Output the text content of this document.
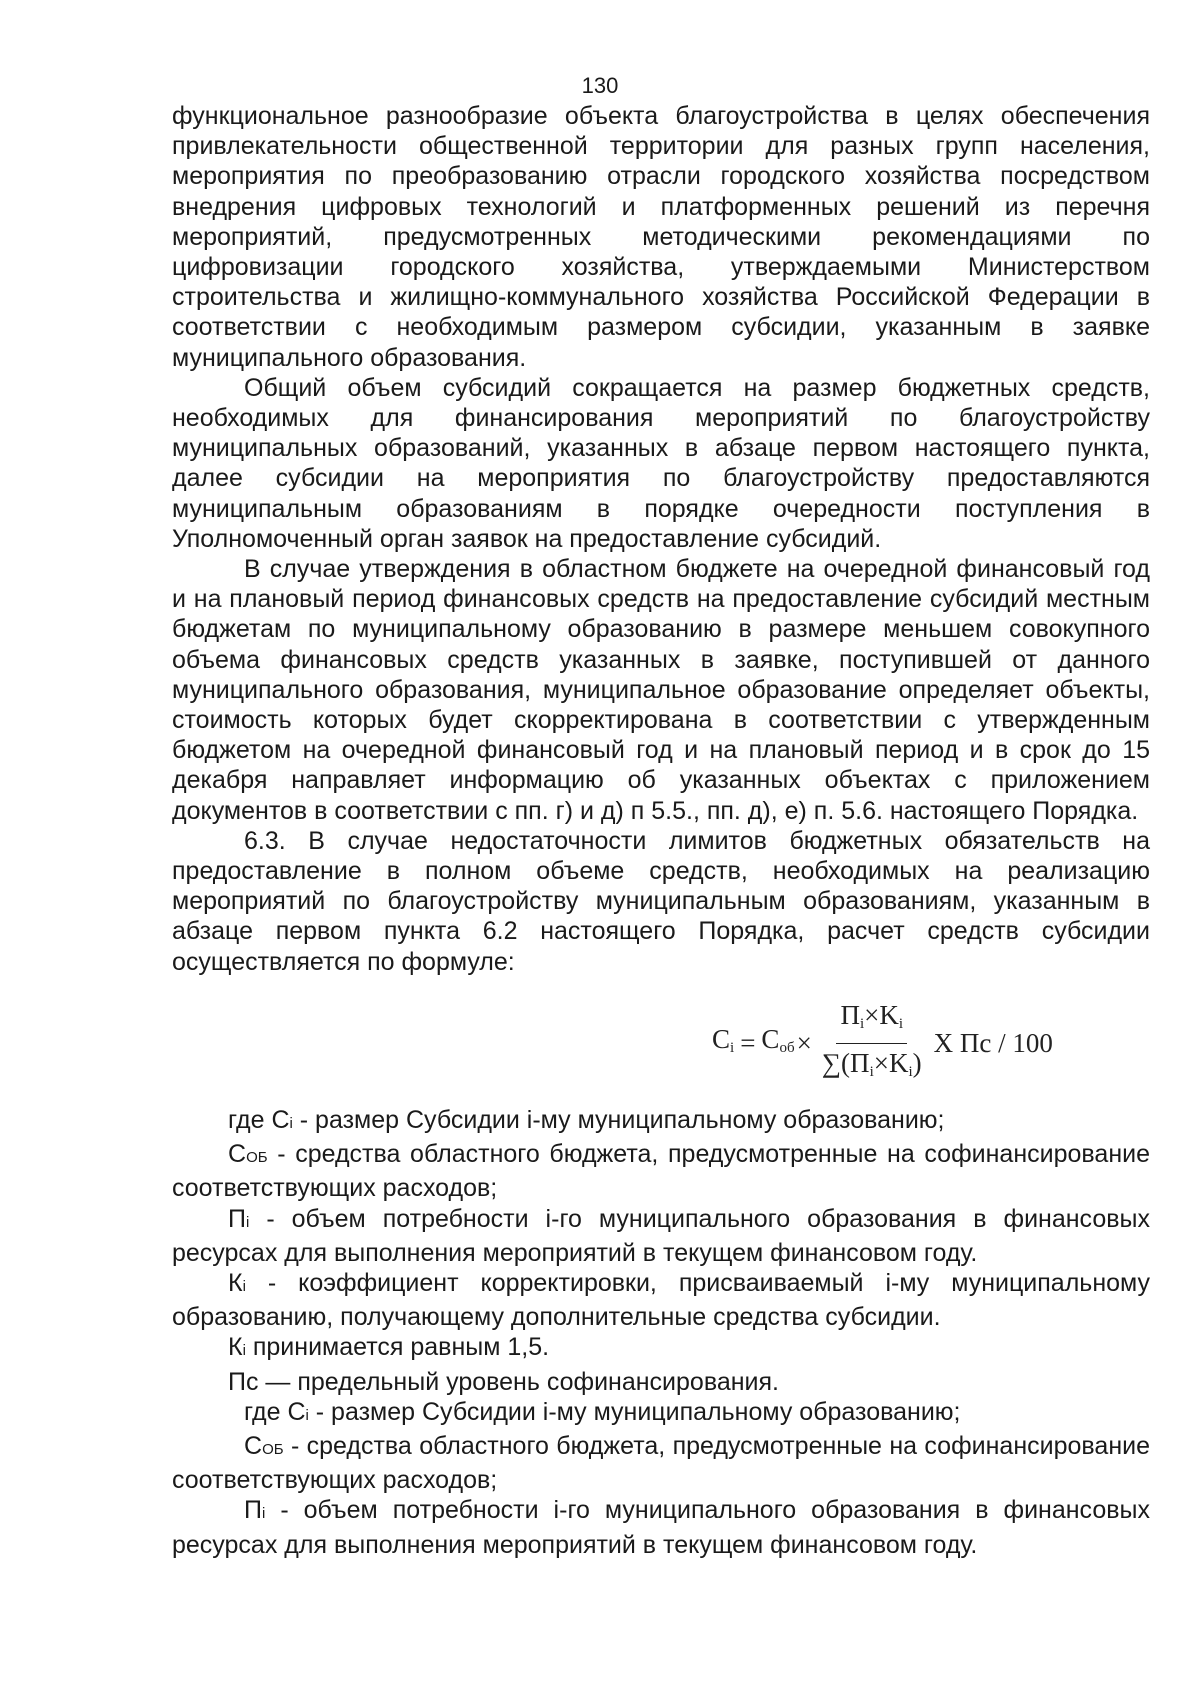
130

функциональное разнообразие объекта благоустройства в целях обеспечения привлекательности общественной территории для разных групп населения, мероприятия по преобразованию отрасли городского хозяйства посредством внедрения цифровых технологий и платформенных решений из перечня мероприятий, предусмотренных методическими рекомендациями по цифровизации городского хозяйства, утверждаемыми Министерством строительства и жилищно-коммунального хозяйства Российской Федерации в соответствии с необходимым размером субсидии, указанным в заявке муниципального образования.

Общий объем субсидий сокращается на размер бюджетных средств, необходимых для финансирования мероприятий по благоустройству муниципальных образований, указанных в абзаце первом настоящего пункта, далее субсидии на мероприятия по благоустройству предоставляются муниципальным образованиям в порядке очередности поступления в Уполномоченный орган заявок на предоставление субсидий.

В случае утверждения в областном бюджете на очередной финансовый год и на плановый период финансовых средств на предоставление субсидий местным бюджетам по муниципальному образованию в размере меньшем совокупного объема финансовых средств указанных в заявке, поступившей от данного муниципального образования, муниципальное образование определяет объекты, стоимость которых будет скорректирована в соответствии с утвержденным бюджетом на очередной финансовый год и на плановый период и в срок до 15 декабря направляет информацию об указанных объектах с приложением документов в соответствии с пп. г) и д) п 5.5., пп. д), е) п. 5.6. настоящего Порядка.

6.3. В случае недостаточности лимитов бюджетных обязательств на предоставление в полном объеме средств, необходимых на реализацию мероприятий по благоустройству муниципальным образованиям, указанным в абзаце первом пункта 6.2 настоящего Порядка, расчет средств субсидии осуществляется по формуле:

$C_i = C_{об} \times \frac{П_i\times K_i}{\sum(П_i\times K_i)}$ Х Пс / 100

где Ci - размер Субсидии i-му муниципальному образованию;

CОБ - средства областного бюджета, предусмотренные на софинансирование соответствующих расходов;

Пi - объем потребности i-го муниципального образования в финансовых ресурсах для выполнения мероприятий в текущем финансовом году.

Кi - коэффициент корректировки, присваиваемый i-му муниципальному образованию, получающему дополнительные средства субсидии.

Кi принимается равным 1,5.

Пс — предельный уровень софинансирования.

где Ci - размер Субсидии i-му муниципальному образованию;

CОБ - средства областного бюджета, предусмотренные на софинансирование соответствующих расходов;

Пi - объем потребности i-го муниципального образования в финансовых ресурсах для выполнения мероприятий в текущем финансовом году.
